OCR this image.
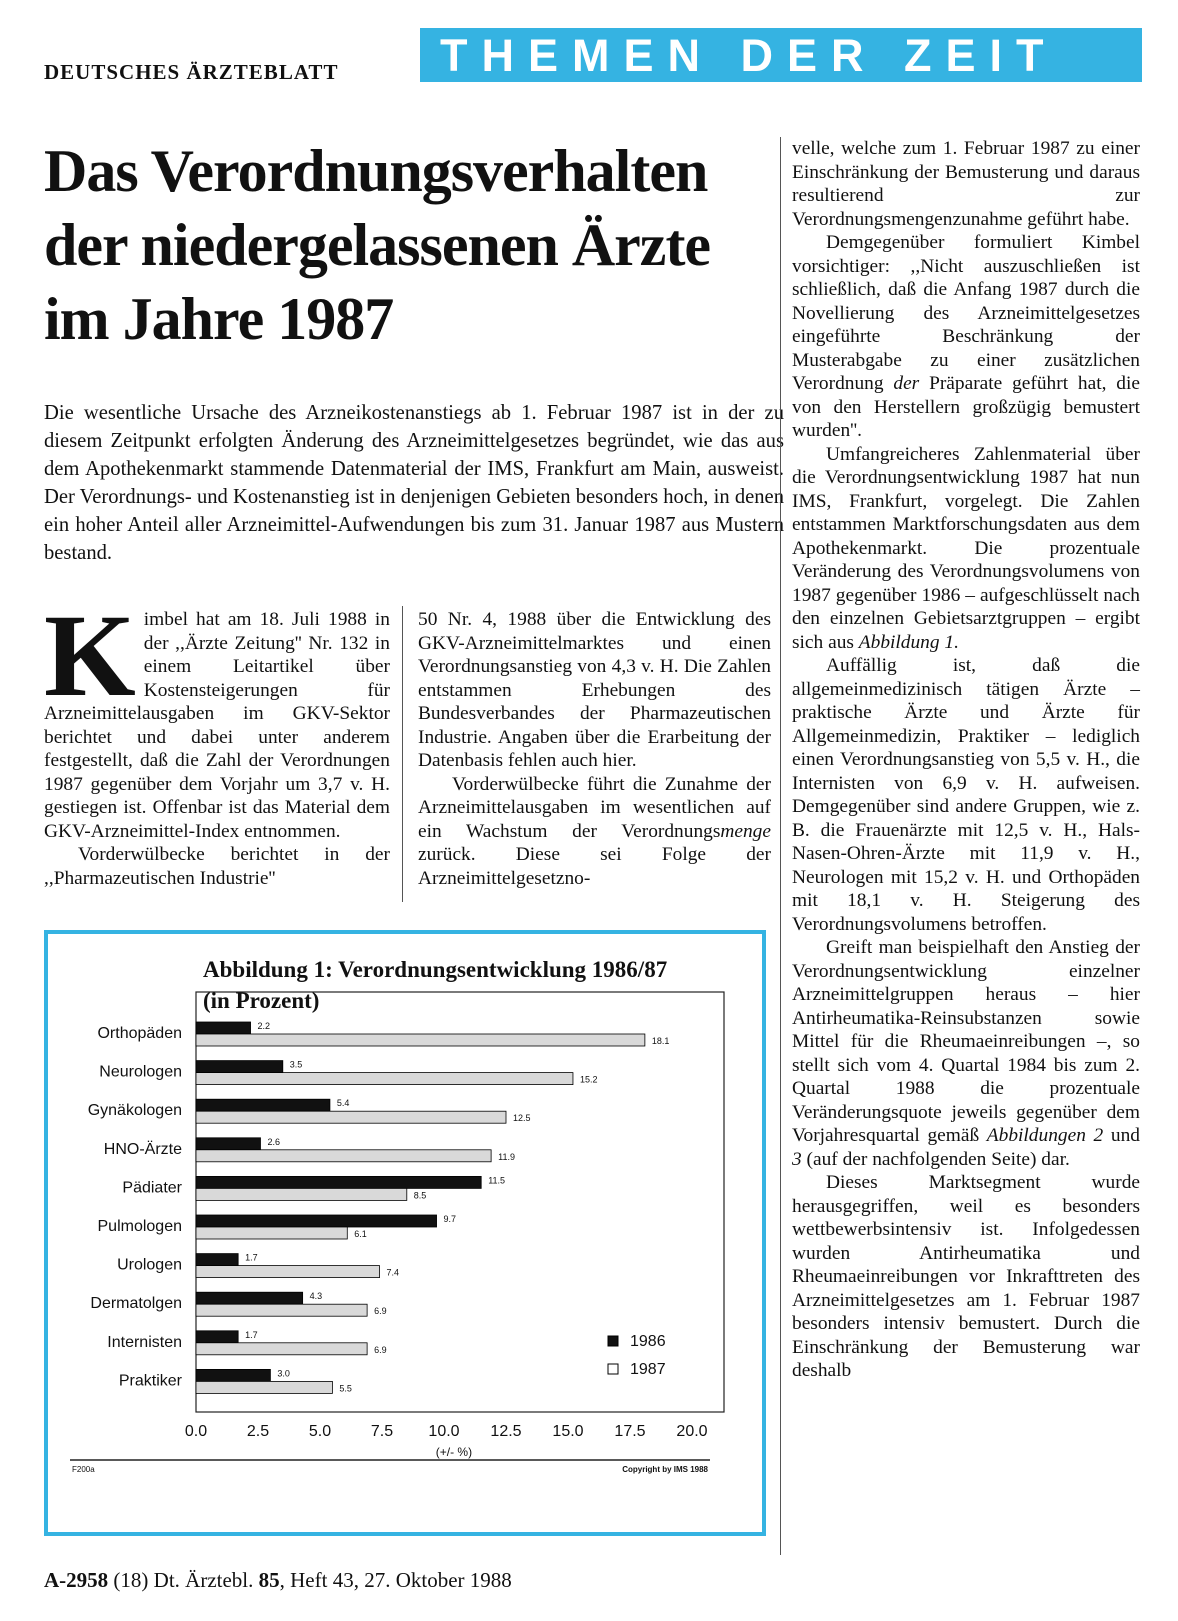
DEUTSCHES ÄRZTEBLATT THEMEN DER ZEIT
Das Verordnungsverhalten
der niedergelassenen Ärzte
im Jahre 1987

Die wesentliche Ursache des Arzneikostenanstiegs ab 1. Februar 1987 ist in der zu diesem Zeitpunkt erfolgten Änderung des Arzneimittelgesetzes begründet, wie das aus dem Apothekenmarkt stammende Datenmaterial der IMS, Frankfurt am Main, ausweist. Der Verordnungs- und Kostenanstieg ist in denjenigen Gebieten besonders hoch, in denen ein hoher Anteil aller Arzneimittel-Aufwendungen bis zum 31. Januar 1987 aus Mustern bestand.

Kimbel hat am 18. Juli 1988 in der ,,Ärzte Zeitung'' Nr. 132 in einem Leitartikel über Kostensteigerungen für Arzneimittelausgaben im GKV-Sektor berichtet und dabei unter anderem festgestellt, daß die Zahl der Verordnungen 1987 gegenüber dem Vorjahr um 3,7 v. H. gestiegen ist. Offenbar ist das Material dem GKV-Arzneimittel-Index entnommen.

Vorderwülbecke berichtet in der ,,Pharmazeutischen Industrie''

50 Nr. 4, 1988 über die Entwicklung des GKV-Arzneimittelmarktes und einen Verordnungsanstieg von 4,3 v. H. Die Zahlen entstammen Erhebungen des Bundesverbandes der Pharmazeutischen Industrie. Angaben über die Erarbeitung der Datenbasis fehlen auch hier.

Vorderwülbecke führt die Zunahme der Arzneimittelausgaben im wesentlichen auf ein Wachstum der Verordnungsmenge zurück. Diese sei Folge der Arzneimittelgesetzno-

velle, welche zum 1. Februar 1987 zu einer Einschränkung der Bemusterung und daraus resultierend zur Verordnungsmengenzunahme geführt habe.

Demgegenüber formuliert Kimbel vorsichtiger: ,,Nicht auszuschließen ist schließlich, daß die Anfang 1987 durch die Novellierung des Arzneimittelgesetzes eingeführte Beschränkung der Musterabgabe zu einer zusätzlichen Verordnung der Präparate geführt hat, die von den Herstellern großzügig bemustert wurden''.

Umfangreicheres Zahlenmaterial über die Verordnungsentwicklung 1987 hat nun IMS, Frankfurt, vorgelegt. Die Zahlen entstammen Marktforschungsdaten aus dem Apothekenmarkt. Die prozentuale Veränderung des Verordnungsvolumens von 1987 gegenüber 1986 – aufgeschlüsselt nach den einzelnen Gebietsarztgruppen – ergibt sich aus Abbildung 1.

Auffällig ist, daß die allgemeinmedizinisch tätigen Ärzte – praktische Ärzte und Ärzte für Allgemeinmedizin, Praktiker – lediglich einen Verordnungsanstieg von 5,5 v. H., die Internisten von 6,9 v. H. aufweisen. Demgegenüber sind andere Gruppen, wie z. B. die Frauenärzte mit 12,5 v. H., Hals-Nasen-Ohren-Ärzte mit 11,9 v. H., Neurologen mit 15,2 v. H. und Orthopäden mit 18,1 v. H. Steigerung des Verordnungsvolumens betroffen.

Greift man beispielhaft den Anstieg der Verordnungsentwicklung einzelner Arzneimittelgruppen heraus – hier Antirheumatika-Reinsubstanzen sowie Mittel für die Rheumaeinreibungen –, so stellt sich vom 4. Quartal 1984 bis zum 2. Quartal 1988 die prozentuale Veränderungsquote jeweils gegenüber dem Vorjahresquartal gemäß Abbildungen 2 und 3 (auf der nachfolgenden Seite) dar.

Dieses Marktsegment wurde herausgegriffen, weil es besonders wettbewerbsintensiv ist. Infolgedessen wurden Antirheumatika und Rheumaeinreibungen vor Inkrafttreten des Arzneimittelgesetzes am 1. Februar 1987 besonders intensiv bemustert. Durch die Einschränkung der Bemusterung war deshalb

Abbildung 1: Verordnungsentwicklung 1986/87
(in Prozent)
Orthopäden	2.2
18.1
Neurologen	3.5
15.2
Gynäkologen	5.4
12.5
HNO-Ärzte	2.6
11.9
Pädiater	11.5
8.5
Pulmologen	9.7
6.1
Urologen	1.7
7.4
Dermatolgen	4.3
6.9
Internisten	1.7
6.9
Praktiker	3.0
5.5
0.0 2.5 5.0 7.5 10.0 12.5 15.0 17.5 20.0
(+/- %)
1986
1987
F200a	Copyright by IMS 1988
A-2958 (18) Dt. Ärztebl. 85, Heft 43, 27. Oktober 1988
